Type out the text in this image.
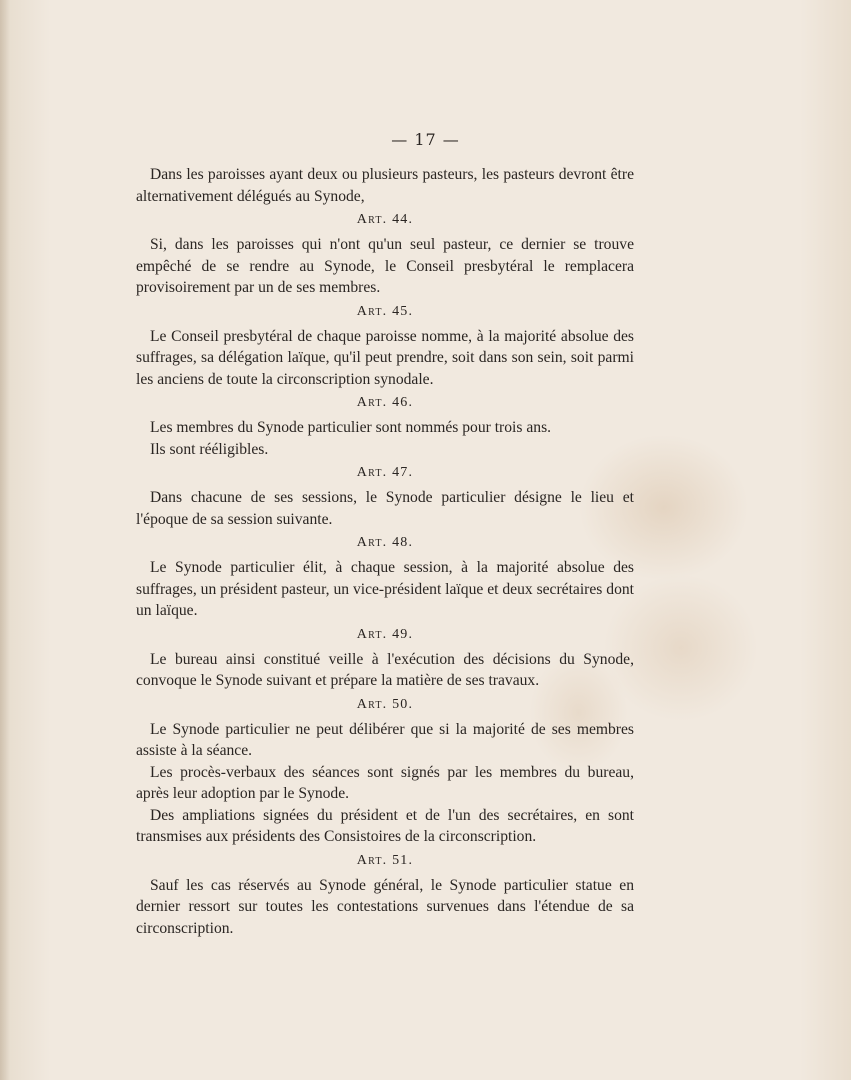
— 17 —

Dans les paroisses ayant deux ou plusieurs pasteurs, les pasteurs devront être alternativement délégués au Synode,

Art. 44.

Si, dans les paroisses qui n'ont qu'un seul pasteur, ce dernier se trouve empêché de se rendre au Synode, le Conseil presbytéral le remplacera provisoirement par un de ses membres.

Art. 45.

Le Conseil presbytéral de chaque paroisse nomme, à la majorité absolue des suffrages, sa délégation laïque, qu'il peut prendre, soit dans son sein, soit parmi les anciens de toute la circonscription synodale.

Art. 46.

Les membres du Synode particulier sont nommés pour trois ans.

Ils sont rééligibles.

Art. 47.

Dans chacune de ses sessions, le Synode particulier désigne le lieu et l'époque de sa session suivante.

Art. 48.

Le Synode particulier élit, à chaque session, à la majorité absolue des suffrages, un président pasteur, un vice-président laïque et deux secrétaires dont un laïque.

Art. 49.

Le bureau ainsi constitué veille à l'exécution des décisions du Synode, convoque le Synode suivant et prépare la matière de ses travaux.

Art. 50.

Le Synode particulier ne peut délibérer que si la majorité de ses membres assiste à la séance.

Les procès-verbaux des séances sont signés par les membres du bureau, après leur adoption par le Synode.

Des ampliations signées du président et de l'un des secrétaires, en sont transmises aux présidents des Consistoires de la circonscription.

Art. 51.

Sauf les cas réservés au Synode général, le Synode particulier statue en dernier ressort sur toutes les contestations survenues dans l'étendue de sa circonscription.
